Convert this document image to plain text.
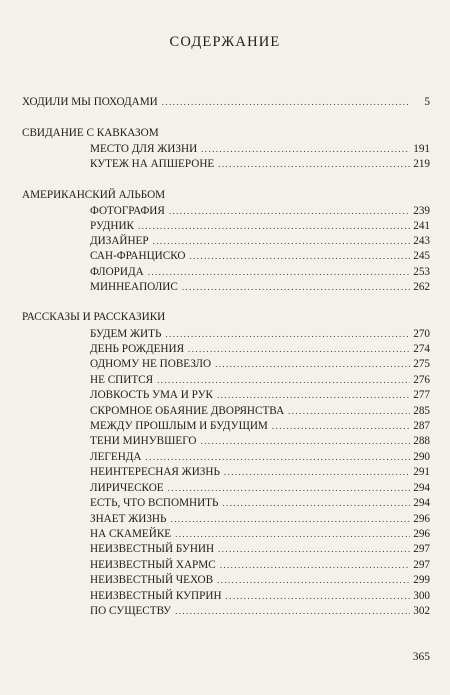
СОДЕРЖАНИЕ
ХОДИЛИ МЫ ПОХОДАМИ .....	5
СВИДАНИЕ С КАВКАЗОМ
МЕСТО ДЛЯ ЖИЗНИ .....	191
КУТЕЖ НА АПШЕРОНЕ .....	219
АМЕРИКАНСКИЙ АЛЬБОМ
ФОТОГРАФИЯ .....	239
РУДНИК .....	241
ДИЗАЙНЕР .....	243
САН-ФРАНЦИСКО .....	245
ФЛОРИДА .....	253
МИННЕАПОЛИС .....	262
РАССКАЗЫ И РАССКАЗИКИ
БУДЕМ ЖИТЬ .....	270
ДЕНЬ РОЖДЕНИЯ .....	274
ОДНОМУ НЕ ПОВЕЗЛО .....	275
НЕ СПИТСЯ .....	276
ЛОВКОСТЬ УМА И РУК .....	277
СКРОМНОЕ ОБАЯНИЕ ДВОРЯНСТВА .....	285
МЕЖДУ ПРОШЛЫМ И БУДУЩИМ .....	287
ТЕНИ МИНУВШЕГО .....	288
ЛЕГЕНДА .....	290
НЕИНТЕРЕСНАЯ ЖИЗНЬ .....	291
ЛИРИЧЕСКОЕ .....	294
ЕСТЬ, ЧТО ВСПОМНИТЬ .....	294
ЗНАЕТ ЖИЗНЬ .....	296
НА СКАМЕЙКЕ .....	296
НЕИЗВЕСТНЫЙ БУНИН .....	297
НЕИЗВЕСТНЫЙ ХАРМС .....	297
НЕИЗВЕСТНЫЙ ЧЕХОВ .....	299
НЕИЗВЕСТНЫЙ КУПРИН .....	300
ПО СУЩЕСТВУ .....	302
365
